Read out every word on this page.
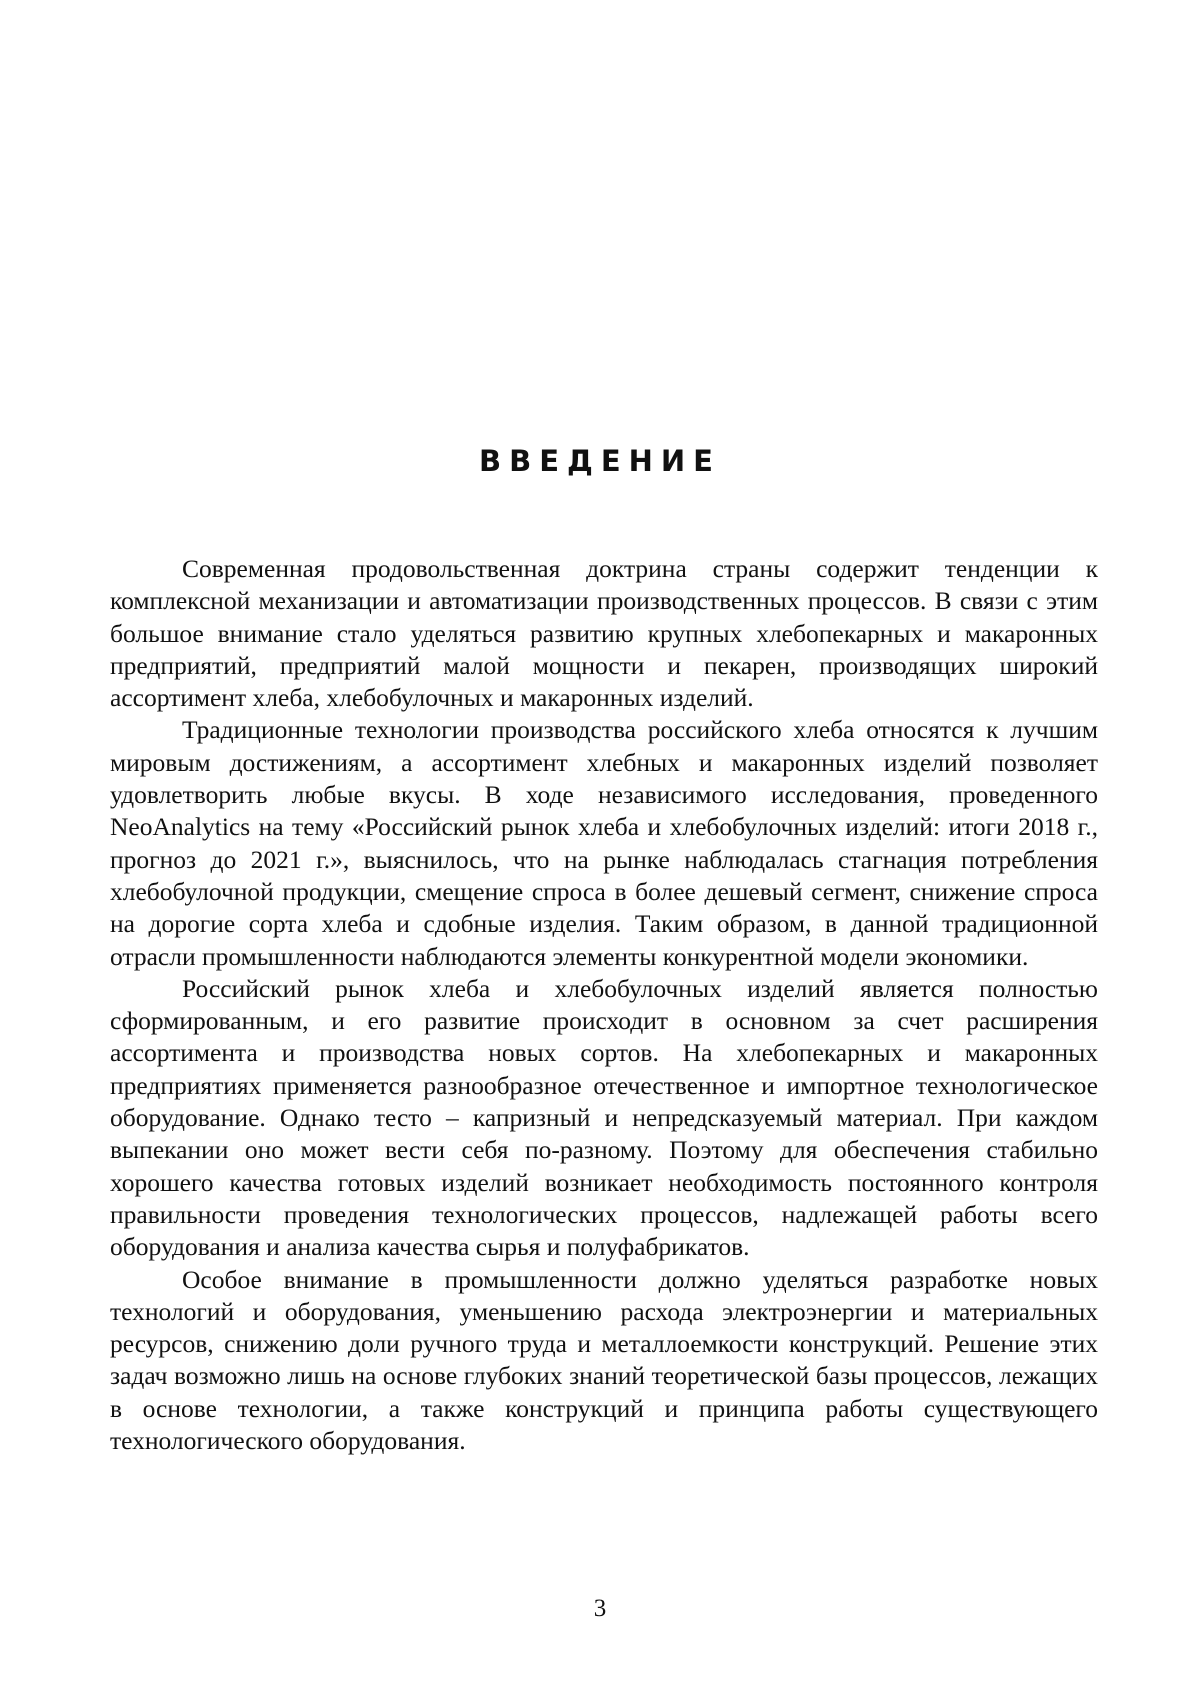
ВВЕДЕНИЕ

Современная продовольственная доктрина страны содержит тенденции к комплексной механизации и автоматизации производственных процессов. В связи с этим большое внимание стало уделяться развитию крупных хлебопекарных и макаронных предприятий, предприятий малой мощности и пекарен, производящих широкий ассортимент хлеба, хлебобулочных и макаронных изделий.

Традиционные технологии производства российского хлеба относятся к лучшим мировым достижениям, а ассортимент хлебных и макаронных изделий позволяет удовлетворить любые вкусы. В ходе независимого исследования, проведенного NeoAnalytics на тему «Российский рынок хлеба и хлебобулочных изделий: итоги 2018 г., прогноз до 2021 г.», выяснилось, что на рынке наблюдалась стагнация потребления хлебобулочной продукции, смещение спроса в более дешевый сегмент, снижение спроса на дорогие сорта хлеба и сдобные изделия. Таким образом, в данной традиционной отрасли промышленности наблюдаются элементы конкурентной модели экономики.

Российский рынок хлеба и хлебобулочных изделий является полностью сформированным, и его развитие происходит в основном за счет расширения ассортимента и производства новых сортов. На хлебопекарных и макаронных предприятиях применяется разнообразное отечественное и импортное технологическое оборудование. Однако тесто – капризный и непредсказуемый материал. При каждом выпекании оно может вести себя по-разному. Поэтому для обеспечения стабильно хорошего качества готовых изделий возникает необходимость постоянного контроля правильности проведения технологических процессов, надлежащей работы всего оборудования и анализа качества сырья и полуфабрикатов.

Особое внимание в промышленности должно уделяться разработке новых технологий и оборудования, уменьшению расхода электроэнергии и материальных ресурсов, снижению доли ручного труда и металлоемкости конструкций. Решение этих задач возможно лишь на основе глубоких знаний теоретической базы процессов, лежащих в основе технологии, а также конструкций и принципа работы существующего технологического оборудования.

3
